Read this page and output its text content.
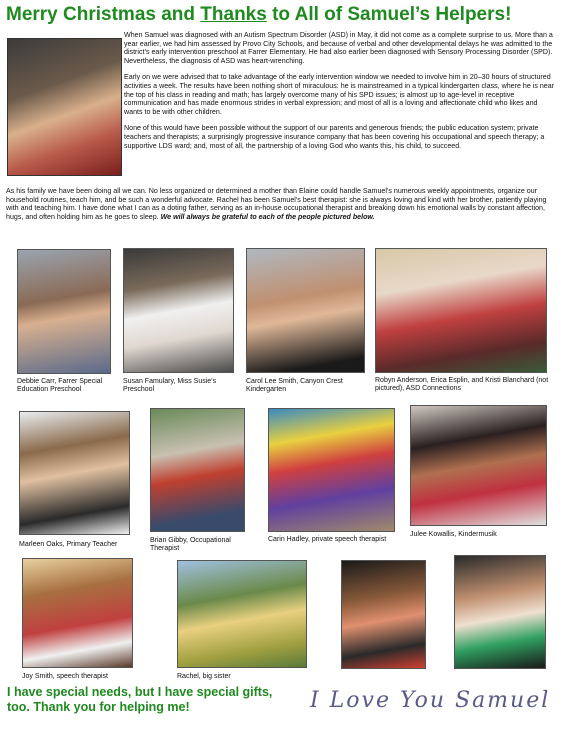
Merry Christmas and Thanks to All of Samuel’s Helpers!

When Samuel was diagnosed with an Autism Spectrum Disorder (ASD) in May, it did not come as a complete surprise to us. More than a year earlier, we had him assessed by Provo City Schools, and because of verbal and other developmental delays he was admitted to the district’s early intervention preschool at Farrer Elementary. He had also earlier been diagnosed with Sensory Processing Disorder (SPD). Nevertheless, the diagnosis of ASD was heart-wrenching.

Early on we were advised that to take advantage of the early intervention window we needed to involve him in 20–30 hours of structured activities a week. The results have been nothing short of miraculous: he is mainstreamed in a typical kindergarten class, where he is near the top of his class in reading and math; has largely overcome many of his SPD issues; is almost up to age-level in receptive communication and has made enormous strides in verbal expression; and most of all is a loving and affectionate child who likes and wants to be with other children.

None of this would have been possible without the support of our parents and generous friends; the public education system; private teachers and therapists; a surprisingly progressive insurance company that has been covering his occupational and speech therapy; a supportive LDS ward; and, most of all, the partnership of a loving God who wants this, his child, to succeed.

As his family we have been doing all we can. No less organized or determined a mother than Elaine could handle Samuel’s numerous weekly appointments, organize our household routines, teach him, and be such a wonderful advocate. Rachel has been Samuel’s best therapist: she is always loving and kind with her brother, patiently playing with and teaching him. I have done what I can as a doting father, serving as an in-house occupational therapist and breaking down his emotional walls by constant affection, hugs, and often holding him as he goes to sleep. We will always be grateful to each of the people pictured below.
Debbie Carr, Farrer Special Education Preschool
Susan Famulary, Miss Susie’s Preschool
Carol Lee Smith, Canyon Crest Kindergarten
Robyn Anderson, Erica Esplin, and Kristi Blanchard (not pictured), ASD Connections
Marleen Oaks, Primary Teacher
Brian Gibby, Occupational Therapist
Carin Hadley, private speech therapist
Julee Kowallis, Kindermusik
Joy Smith, speech therapist	Rachel, big sister
I have special needs, but I have special gifts, too. Thank you for helping me!	I Love You Samuel
